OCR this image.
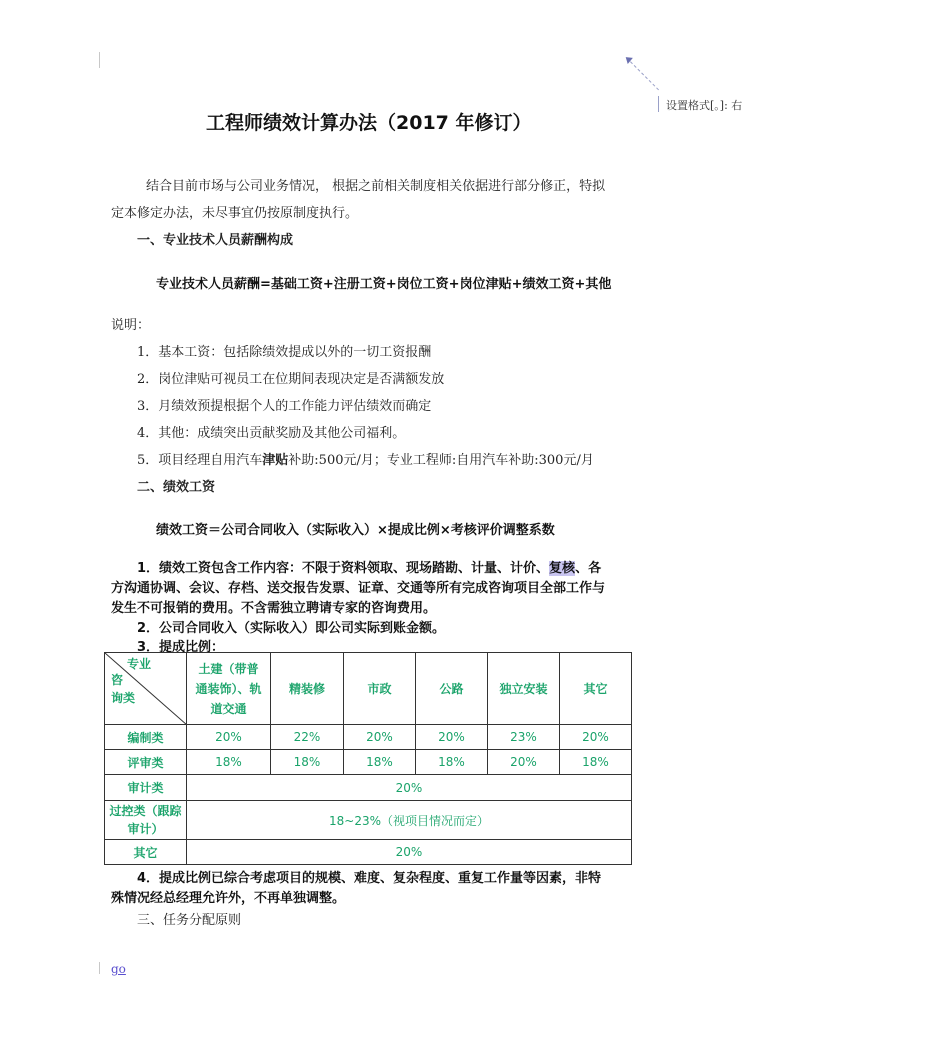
设置格式[。]: 右
工程师绩效计算办法（2017 年修订）
结合目前市场与公司业务情况， 根据之前相关制度相关依据进行部分修正，特拟
定本修定办法，未尽事宜仍按原制度执行。
一、专业技术人员薪酬构成
专业技术人员薪酬=基础工资+注册工资+岗位工资+岗位津贴+绩效工资+其他
说明：
1．基本工资：包括除绩效提成以外的一切工资报酬
2．岗位津贴可视员工在位期间表现决定是否满额发放
3．月绩效预提根据个人的工作能力评估绩效而确定
4．其他：成绩突出贡献奖励及其他公司福利。
5．项目经理自用汽车津贴补助:500元/月；专业工程师:自用汽车补助:300元/月
二、绩效工资
绩效工资＝公司合同收入（实际收入）×提成比例×考核评价调整系数
1．绩效工资包含工作内容：不限于资料领取、现场踏勘、计量、计价、复核、各
方沟通协调、会议、存档、送交报告发票、证章、交通等所有完成咨询项目全部工作与
发生不可报销的费用。不含需独立聘请专家的咨询费用。
2．公司合同收入（实际收入）即公司实际到账金额。
3．提成比例：
专业
咨
询类	土建（带普通装饰）、轨道交通	精装修	市政	公路	独立安装	其它
编制类	20%	22%	20%	20%	23%	20%
评审类	18%	18%	18%	18%	20%	18%
审计类	20%					
过控类（跟踪审计）	18~23%（视项目情况而定）					
其它	20%					
4．提成比例已综合考虑项目的规模、难度、复杂程度、重复工作量等因素，非特
殊情况经总经理允许外，不再单独调整。
三、任务分配原则
go
